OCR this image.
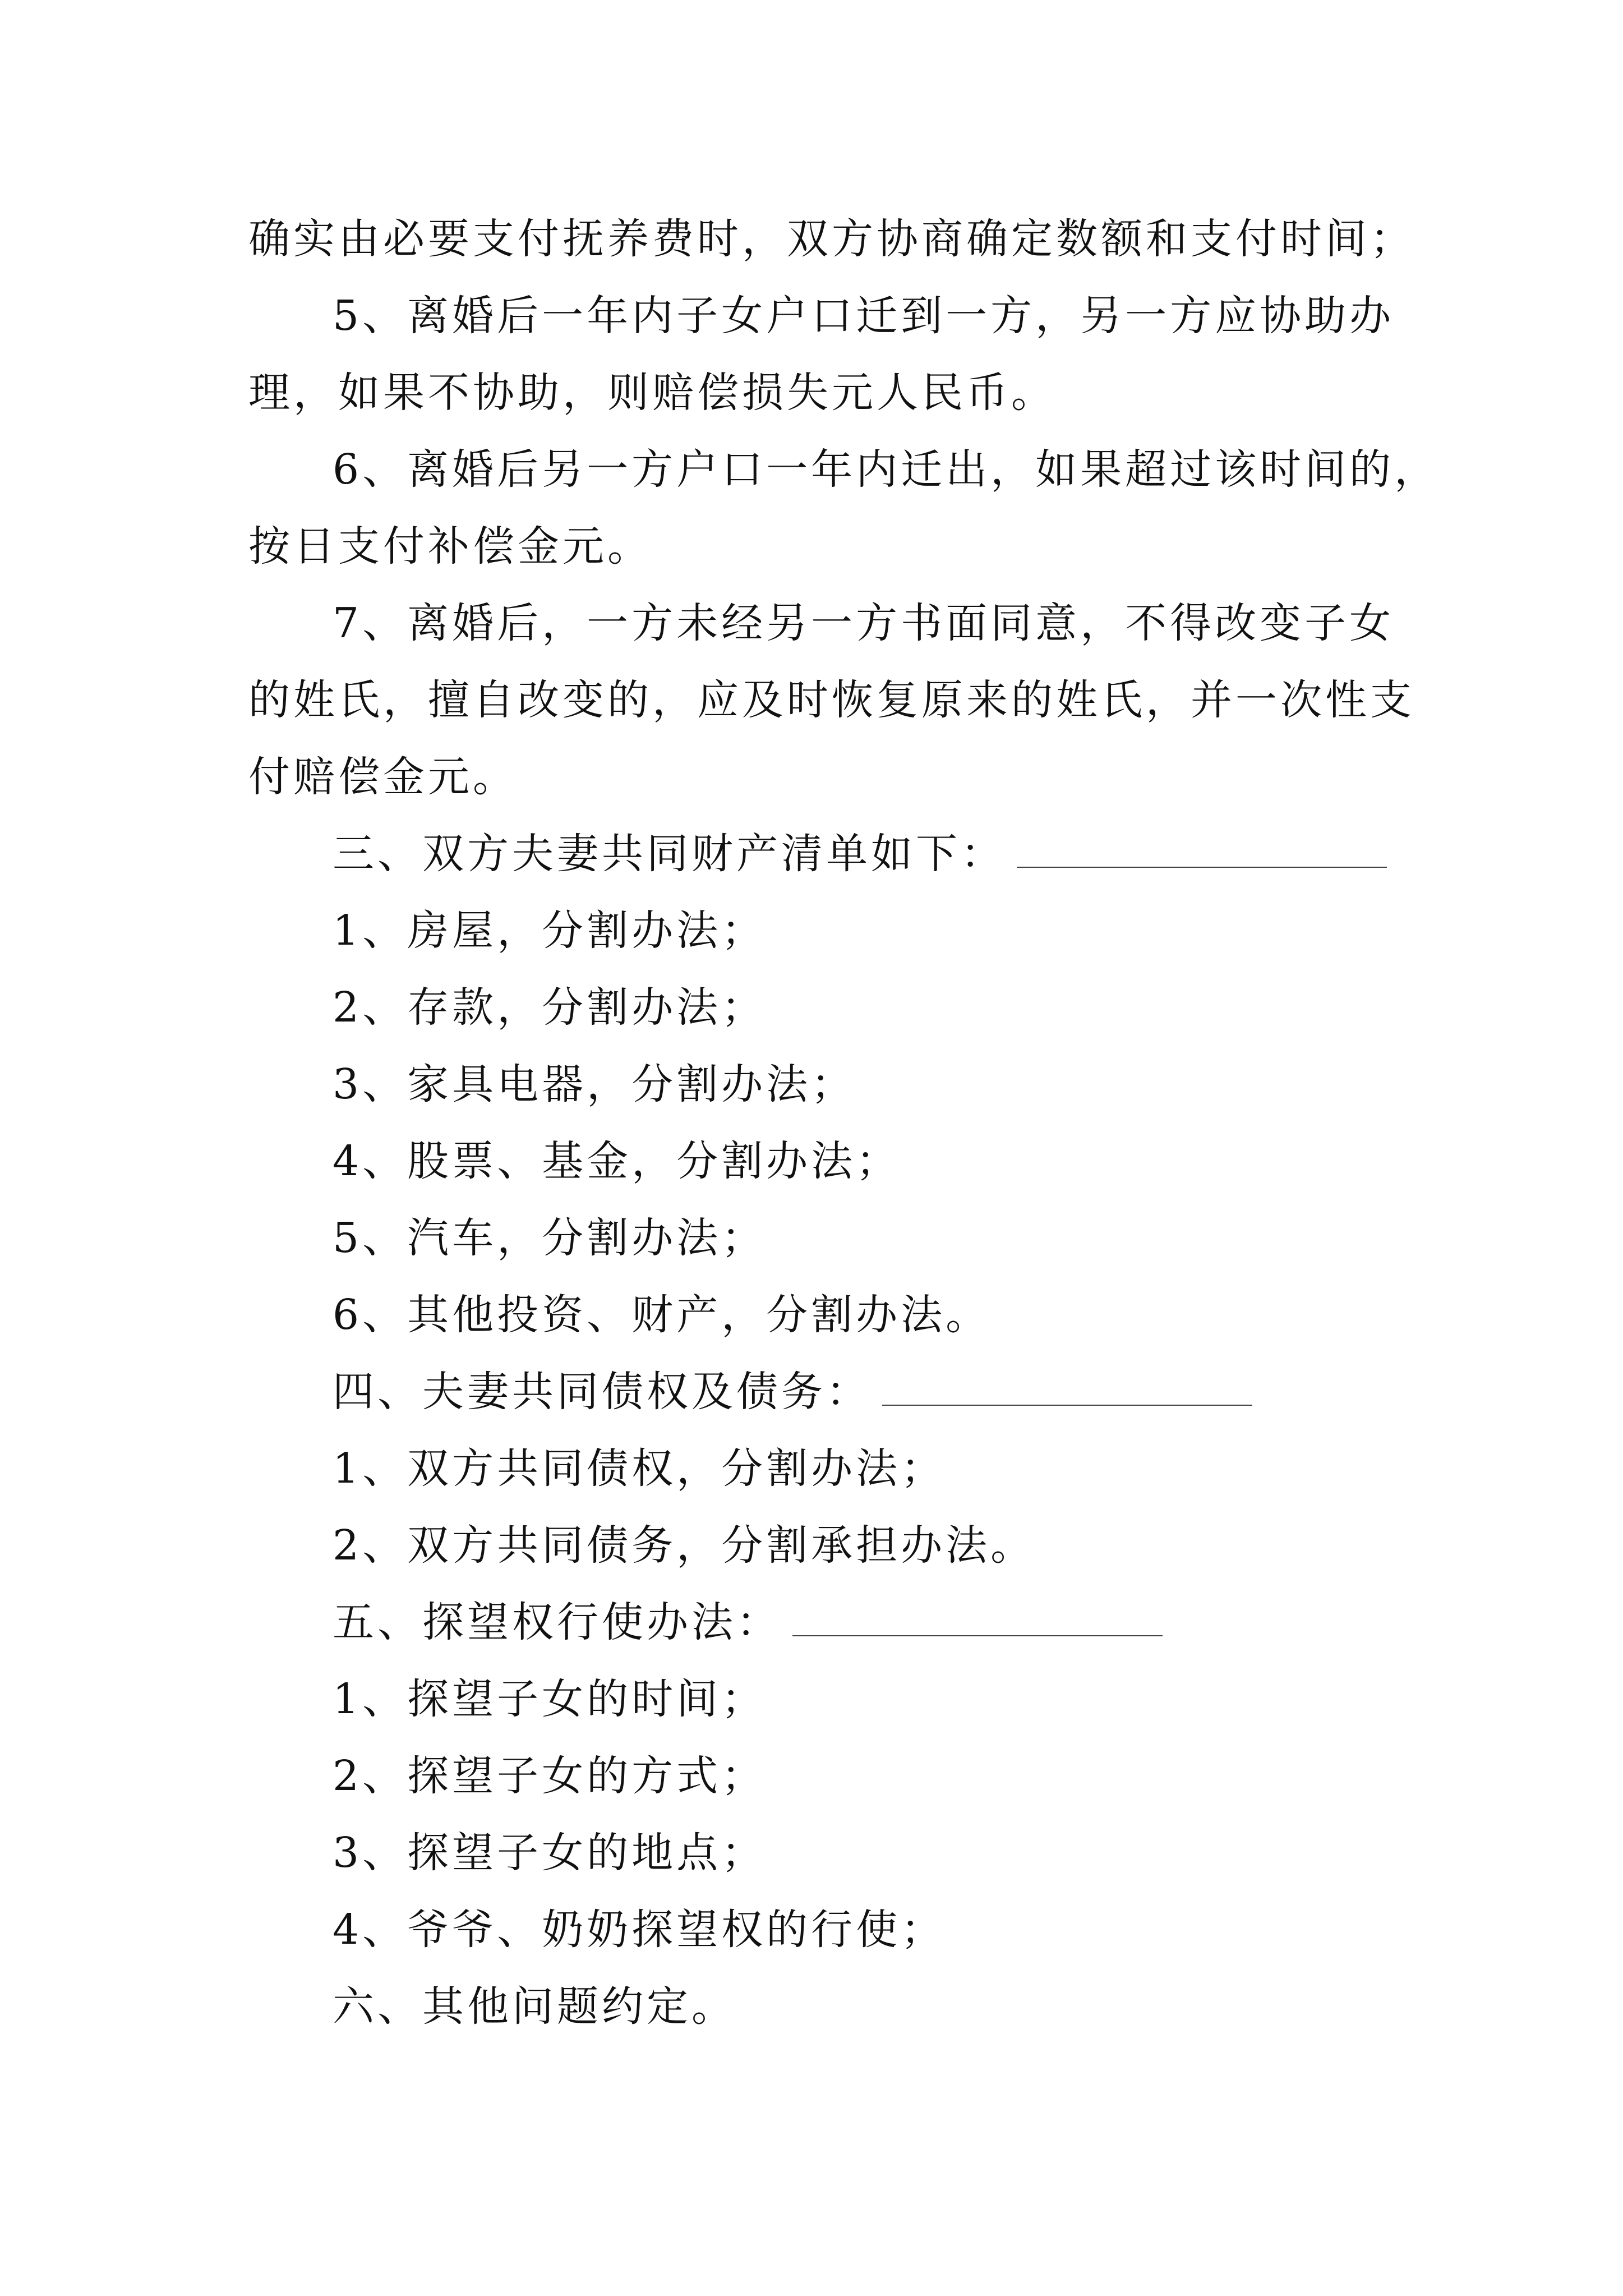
确实由必要支付抚养费时，双方协商确定数额和支付时间；
5、离婚后一年内子女户口迁到一方，另一方应协助办
理，如果不协助，则赔偿损失元人民币。
6、离婚后另一方户口一年内迁出，如果超过该时间的，
按日支付补偿金元。
7、离婚后，一方未经另一方书面同意，不得改变子女
的姓氏，擅自改变的，应及时恢复原来的姓氏，并一次性支
付赔偿金元。
三、双方夫妻共同财产清单如下：
1、房屋，分割办法；
2、存款，分割办法；
3、家具电器，分割办法；
4、股票、基金，分割办法；
5、汽车，分割办法；
6、其他投资、财产，分割办法。
四、夫妻共同债权及债务：
1、双方共同债权，分割办法；
2、双方共同债务，分割承担办法。
五、探望权行使办法：
1、探望子女的时间；
2、探望子女的方式；
3、探望子女的地点；
4、爷爷、奶奶探望权的行使；
六、其他问题约定。
